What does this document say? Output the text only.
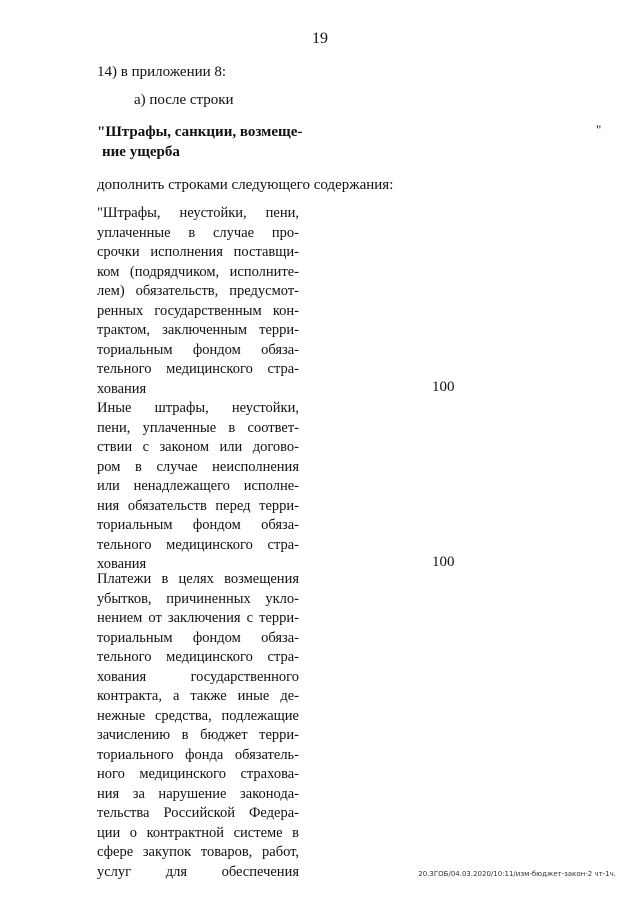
19
14) в приложении 8:
а) после строки
"Штрафы, санкции, возмеще-
ние ущерба
"
дополнить строками следующего содержания:
"Штрафы, неустойки, пени,
уплаченные в случае про-
срочки исполнения поставщи-
ком (подрядчиком, исполните-
лем) обязательств, предусмот-
ренных государственным кон-
трактом, заключенным терри-
ториальным фондом обяза-
тельного медицинского стра-
хования	100
Иные штрафы, неустойки,
пени, уплаченные в соответ-
ствии с законом или догово-
ром в случае неисполнения
или ненадлежащего исполне-
ния обязательств перед терри-
ториальным фондом обяза-
тельного медицинского стра-
хования	100
Платежи в целях возмещения
убытков, причиненных укло-
нением от заключения с терри-
ториальным фондом обяза-
тельного медицинского стра-
хования государственного
контракта, а также иные де-
нежные средства, подлежащие
зачислению в бюджет терри-
ториального фонда обязатель-
ного медицинского страхова-
ния за нарушение законода-
тельства Российской Федера-
ции о контрактной системе в
сфере закупок товаров, работ,
услуг для обеспечения	20.3ГОБ/04.03.2020/10:11/изм-бюджет-закон-2 чт-1ч.
